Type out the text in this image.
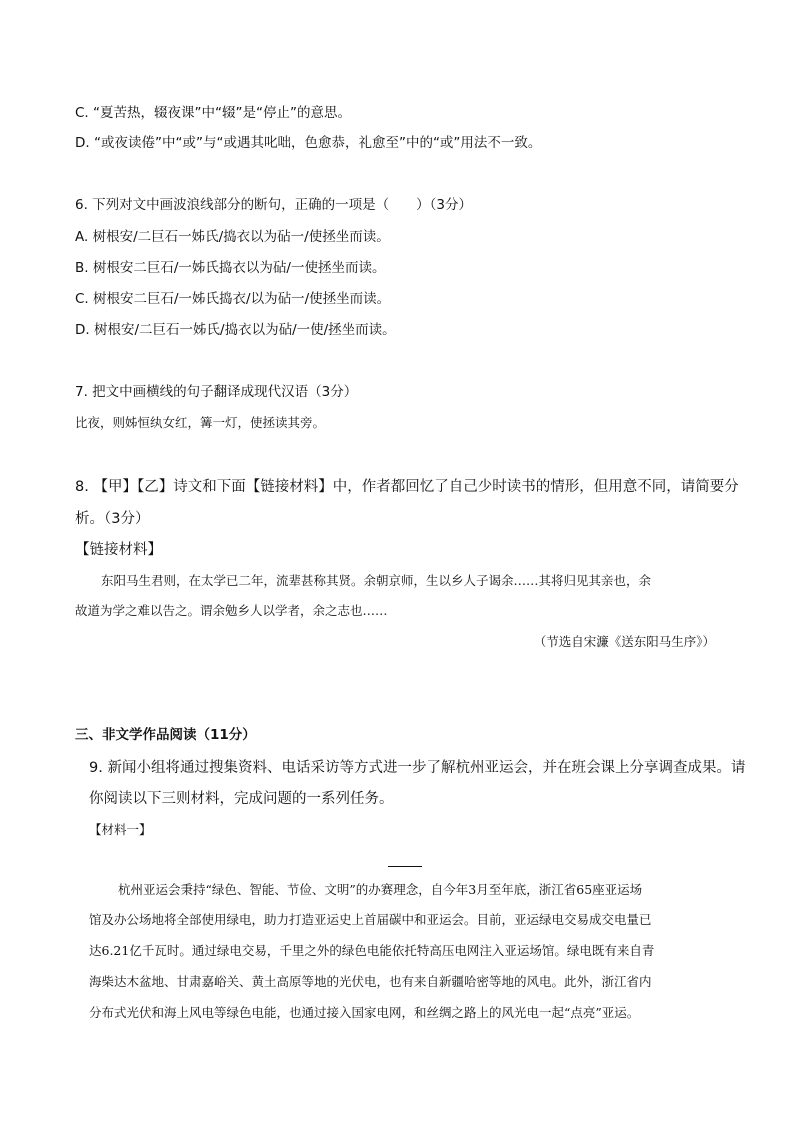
C. “夏苦热，辍夜课”中“辍”是“停止”的意思。
D. “或夜读倦”中“或”与“或遇其叱咄，色愈恭，礼愈至”中的“或”用法不一致。
6. 下列对文中画波浪线部分的断句，正确的一项是（　　）（3分）
A. 树根安/二巨石一姊氏/捣衣以为砧一/使拯坐而读。
B. 树根安二巨石/一姊氏捣衣以为砧/一使拯坐而读。
C. 树根安二巨石/一姊氏捣衣/以为砧一/使拯坐而读。
D. 树根安/二巨石一姊氏/捣衣以为砧/一使/拯坐而读。
7. 把文中画横线的句子翻译成现代汉语（3分）
比夜，则姊恒纨女红，篝一灯，使拯读其旁。
8. 【甲】【乙】诗文和下面【链接材料】中，作者都回忆了自己少时读书的情形，但用意不同，请简要分
析。（3分）
【链接材料】
东阳马生君则，在太学已二年，流辈甚称其贤。余朝京师，生以乡人子谒余……其将归见其亲也，余
故道为学之难以告之。谓余勉乡人以学者，余之志也……
（节选自宋濂《送东阳马生序》）
三、非文学作品阅读（11分）
9. 新闻小组将通过搜集资料、电话采访等方式进一步了解杭州亚运会，并在班会课上分享调查成果。请
你阅读以下三则材料，完成问题的一系列任务。
【材料一】
杭州亚运会秉持“绿色、智能、节俭、文明”的办赛理念，自今年3月至年底，浙江省65座亚运场
馆及办公场地将全部使用绿电，助力打造亚运史上首届碳中和亚运会。目前，亚运绿电交易成交电量已
达6.21亿千瓦时。通过绿电交易，千里之外的绿色电能依托特高压电网注入亚运场馆。绿电既有来自青
海柴达木盆地、甘肃嘉峪关、黄土高原等地的光伏电，也有来自新疆哈密等地的风电。此外，浙江省内
分布式光伏和海上风电等绿色电能，也通过接入国家电网，和丝绸之路上的风光电一起“点亮”亚运。
